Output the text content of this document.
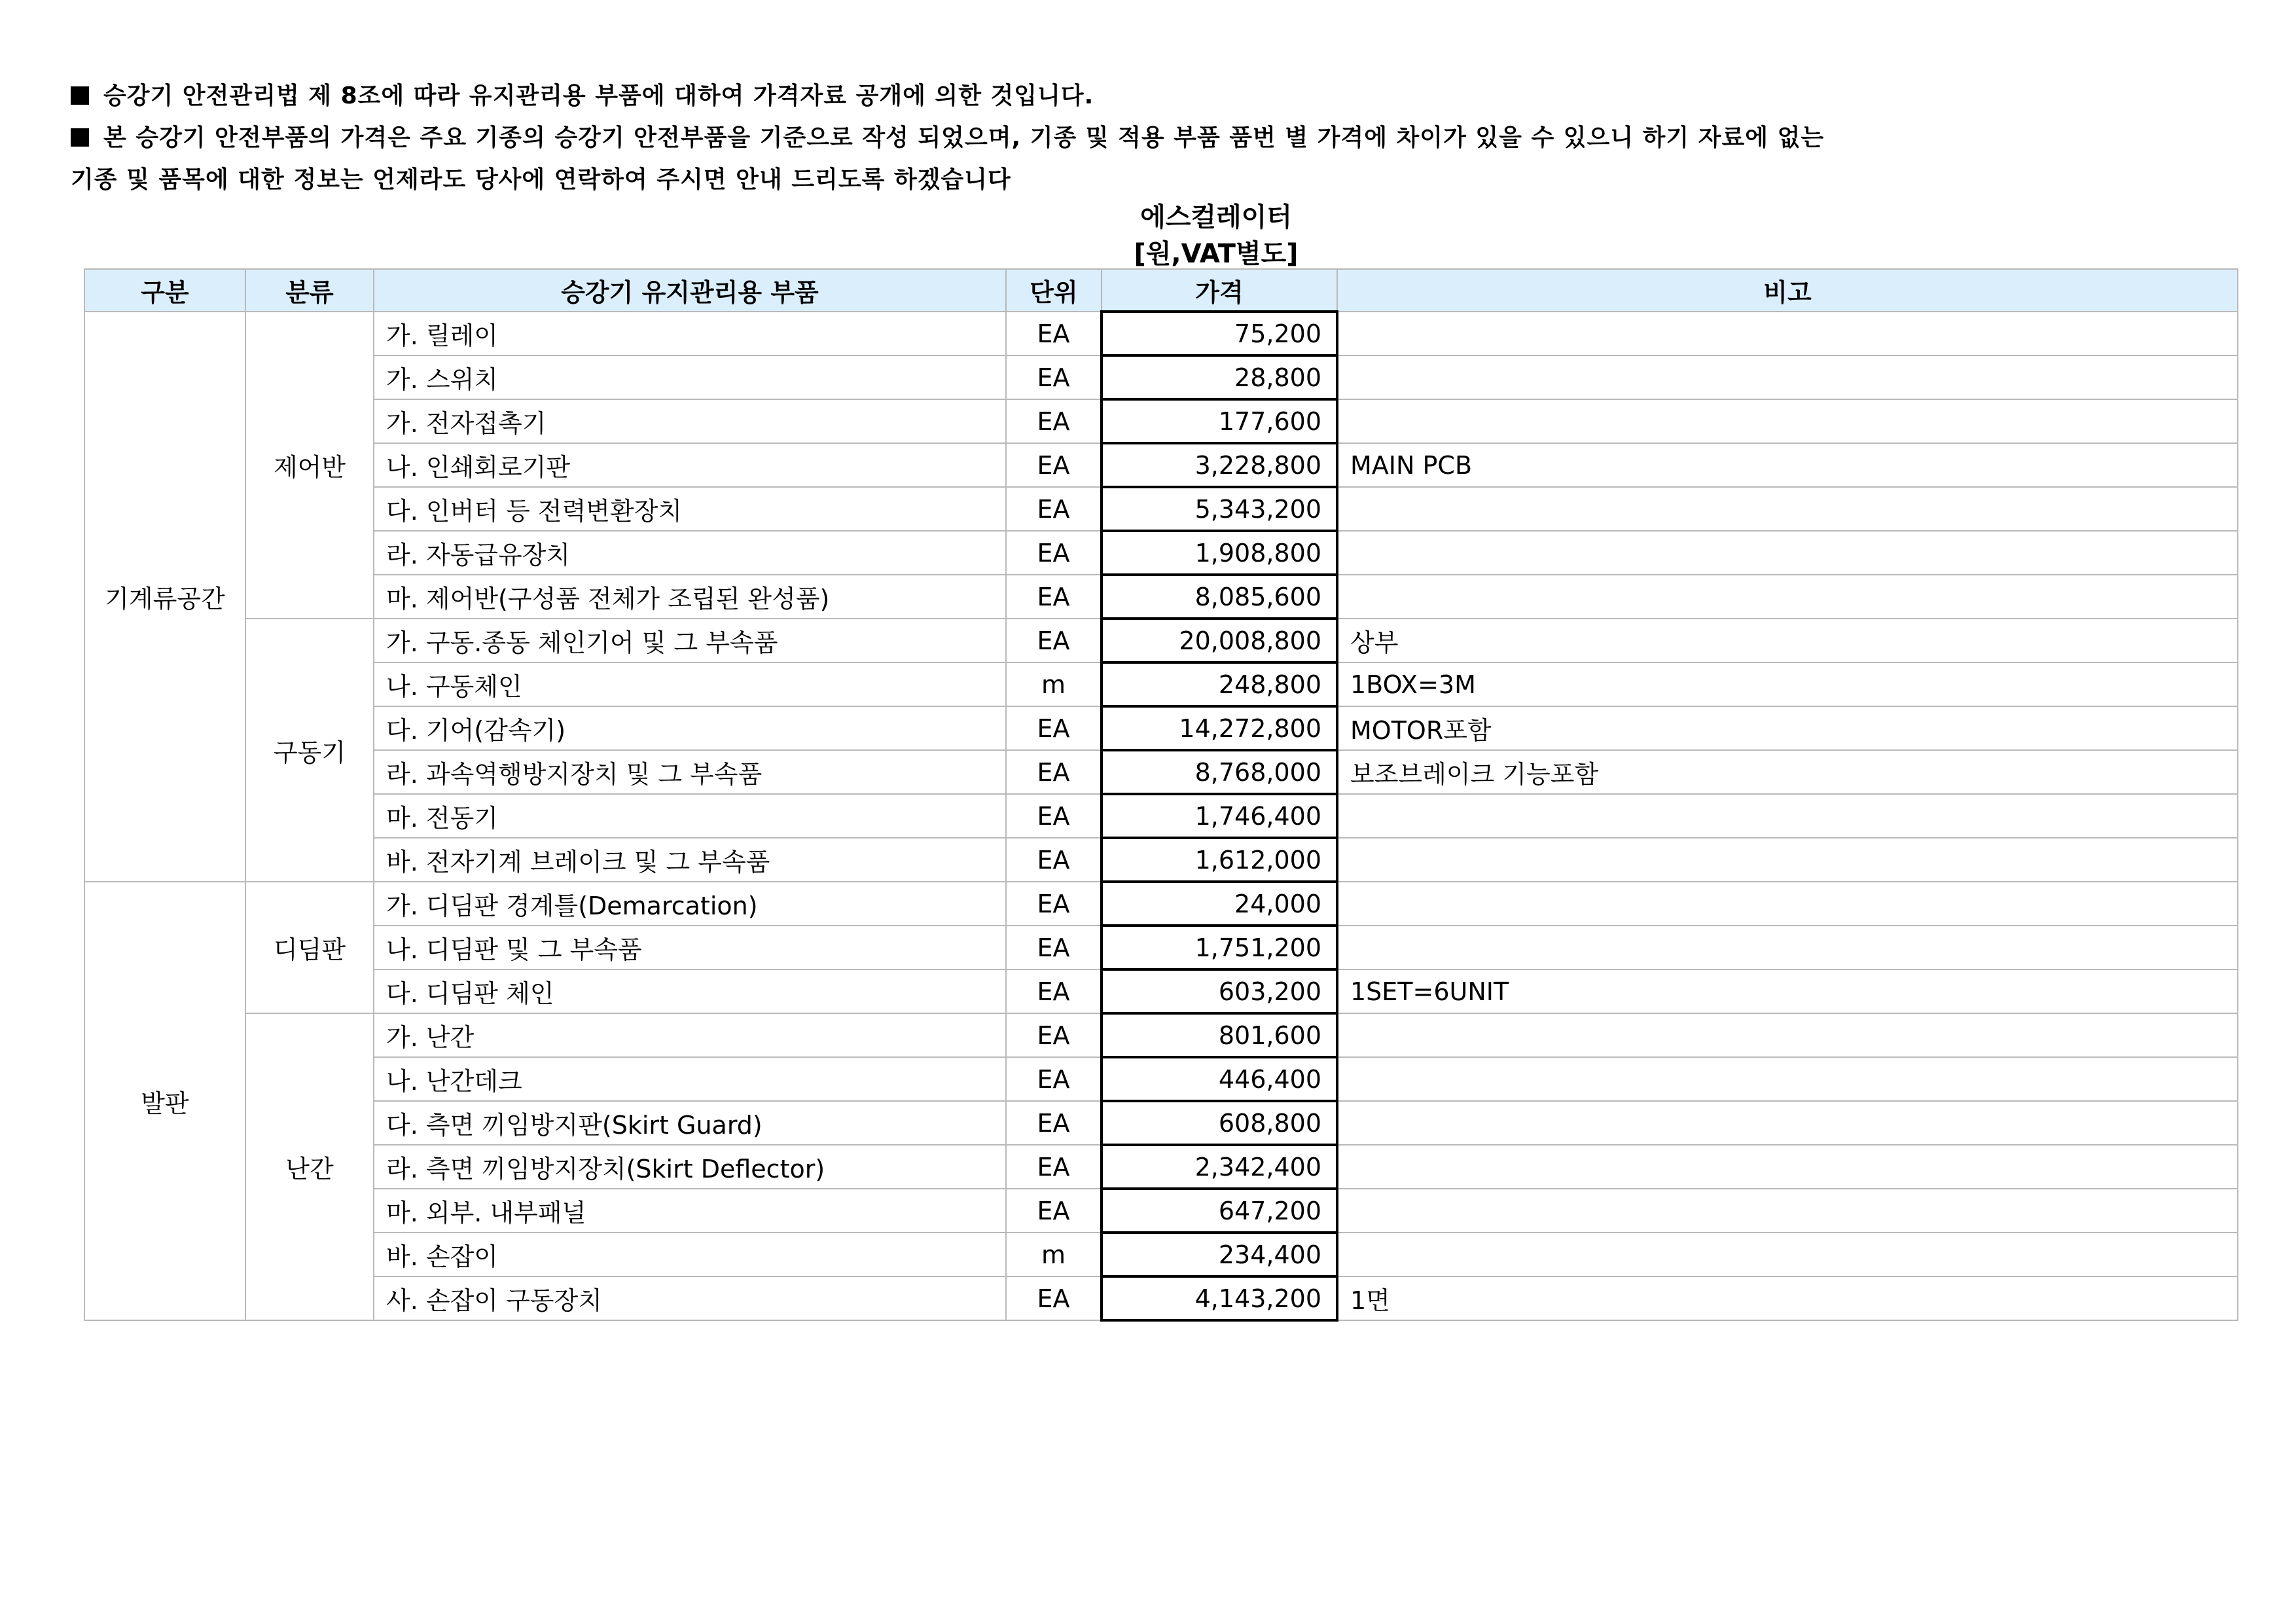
승강기 안전관리법 제 8조에 따라 유지관리용 부품에 대하여 가격자료 공개에 의한 것입니다.
본 승강기 안전부품의 가격은 주요 기종의 승강기 안전부품을 기준으로 작성 되었으며, 기종 및 적용 부품 품번 별 가격에 차이가 있을 수 있으니 하기 자료에 없는
기종 및 품목에 대한 정보는 언제라도 당사에 연락하여 주시면 안내 드리도록 하겠습니다
에스컬레이터
[원,VAT별도]
구분	분류	승강기 유지관리용 부품	단위	가격	비고
기계류공간	제어반	가. 릴레이	EA	75,200	
		가. 스위치	EA	28,800	
		가. 전자접촉기	EA	177,600	
		나. 인쇄회로기판	EA	3,228,800	MAIN PCB
		다. 인버터 등 전력변환장치	EA	5,343,200	
		라. 자동급유장치	EA	1,908,800	
		마. 제어반(구성품 전체가 조립된 완성품)	EA	8,085,600	
	구동기	가. 구동.종동 체인기어 및 그 부속품	EA	20,008,800	상부
		나. 구동체인	m	248,800	1BOX=3M
		다. 기어(감속기)	EA	14,272,800	MOTOR포함
		라. 과속역행방지장치 및 그 부속품	EA	8,768,000	보조브레이크 기능포함
		마. 전동기	EA	1,746,400	
		바. 전자기계 브레이크 및 그 부속품	EA	1,612,000	
발판	디딤판	가. 디딤판 경계틀(Demarcation)	EA	24,000	
		나. 디딤판 및 그 부속품	EA	1,751,200	
		다. 디딤판 체인	EA	603,200	1SET=6UNIT
	난간	가. 난간	EA	801,600	
		나. 난간데크	EA	446,400	
		다. 측면 끼임방지판(Skirt Guard)	EA	608,800	
		라. 측면 끼임방지장치(Skirt Deflector)	EA	2,342,400	
		마. 외부. 내부패널	EA	647,200	
		바. 손잡이	m	234,400	
		사. 손잡이 구동장치	EA	4,143,200	1면
